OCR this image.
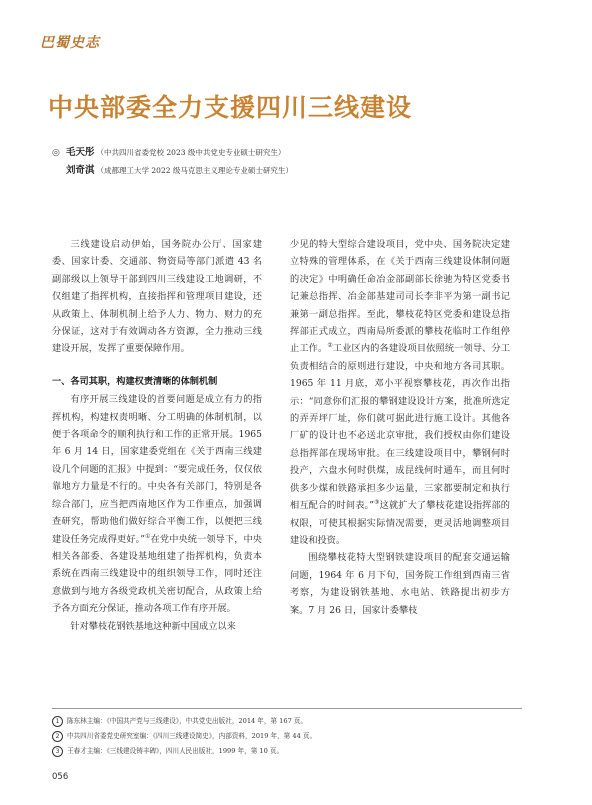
巴蜀史志
中央部委全力支援四川三线建设
◎ 毛天彤 （中共四川省委党校 2023 级中共党史专业硕士研究生）
刘奇淇 （成都理工大学 2022 级马克思主义理论专业硕士研究生）

三线建设启动伊始，国务院办公厅、国家建委、国家计委、交通部、物资局等部门派遣 43 名副部级以上领导干部到四川三线建设工地调研，不仅组建了指挥机构，直接指挥和管理项目建设，还从政策上、体制机制上给予人力、物力、财力的充分保证，这对于有效调动各方资源，全力推动三线建设开展，发挥了重要保障作用。

一、各司其职，构建权责清晰的体制机制

有序开展三线建设的首要问题是成立有力的指挥机构，构建权责明晰、分工明确的体制机制，以便于各项命令的顺利执行和工作的正常开展。1965 年 6 月 14 日，国家建委党组在《关于西南三线建设几个问题的汇报》中提到：“要完成任务，仅仅依靠地方力量是不行的。中央各有关部门，特别是各综合部门，应当把西南地区作为工作重点，加强调查研究，帮助他们做好综合平衡工作，以便把三线建设任务完成得更好。”①在党中央统一领导下，中央相关各部委、各建设基地组建了指挥机构，负责本系统在西南三线建设中的组织领导工作，同时还注意做到与地方各级党政机关密切配合，从政策上给予各方面充分保证，推动各项工作有序开展。

针对攀枝花钢铁基地这种新中国成立以来

少见的特大型综合建设项目，党中央、国务院决定建立特殊的管理体系，在《关于西南三线建设体制问题的决定》中明确任命冶金部副部长徐驰为特区党委书记兼总指挥、冶金部基建司司长李非平为第一副书记兼第一副总指挥。至此，攀枝花特区党委和建设总指挥部正式成立，西南局所委派的攀枝花临时工作组停止工作。②工业区内的各建设项目依照统一领导、分工负责相结合的原则进行建设，中央和地方各司其职。1965 年 11 月底，邓小平视察攀枝花，再次作出指示：“同意你们汇报的攀钢建设设计方案，批准所选定的弄弄坪厂址，你们就可据此进行施工设计。其他各厂矿的设计也不必送北京审批，我们授权由你们建设总指挥部在现场审批。在三线建设项目中，攀钢何时投产，六盘水何时供煤，成昆线何时通车，而且何时供多少煤和铁路承担多少运量，三家都要制定和执行相互配合的时间表。”③这就扩大了攀枝花建设指挥部的权限，可使其根据实际情况需要，更灵活地调整项目建设和投资。

围绕攀枝花特大型钢铁建设项目的配套交通运输问题，1964 年 6 月下旬，国务院工作组到西南三省考察，为建设钢铁基地、水电站、铁路提出初步方案。7 月 26 日，国家计委攀枝

1	陈东林主编：《中国共产党与三线建设》，中共党史出版社，2014 年，第 167 页。
2	中共四川省委党史研究室编：《四川三线建设简史》，内部资料，2019 年，第 44 页。
3	王春才主编：《三线建设铸丰碑》，四川人民出版社，1999 年，第 10 页。
056
